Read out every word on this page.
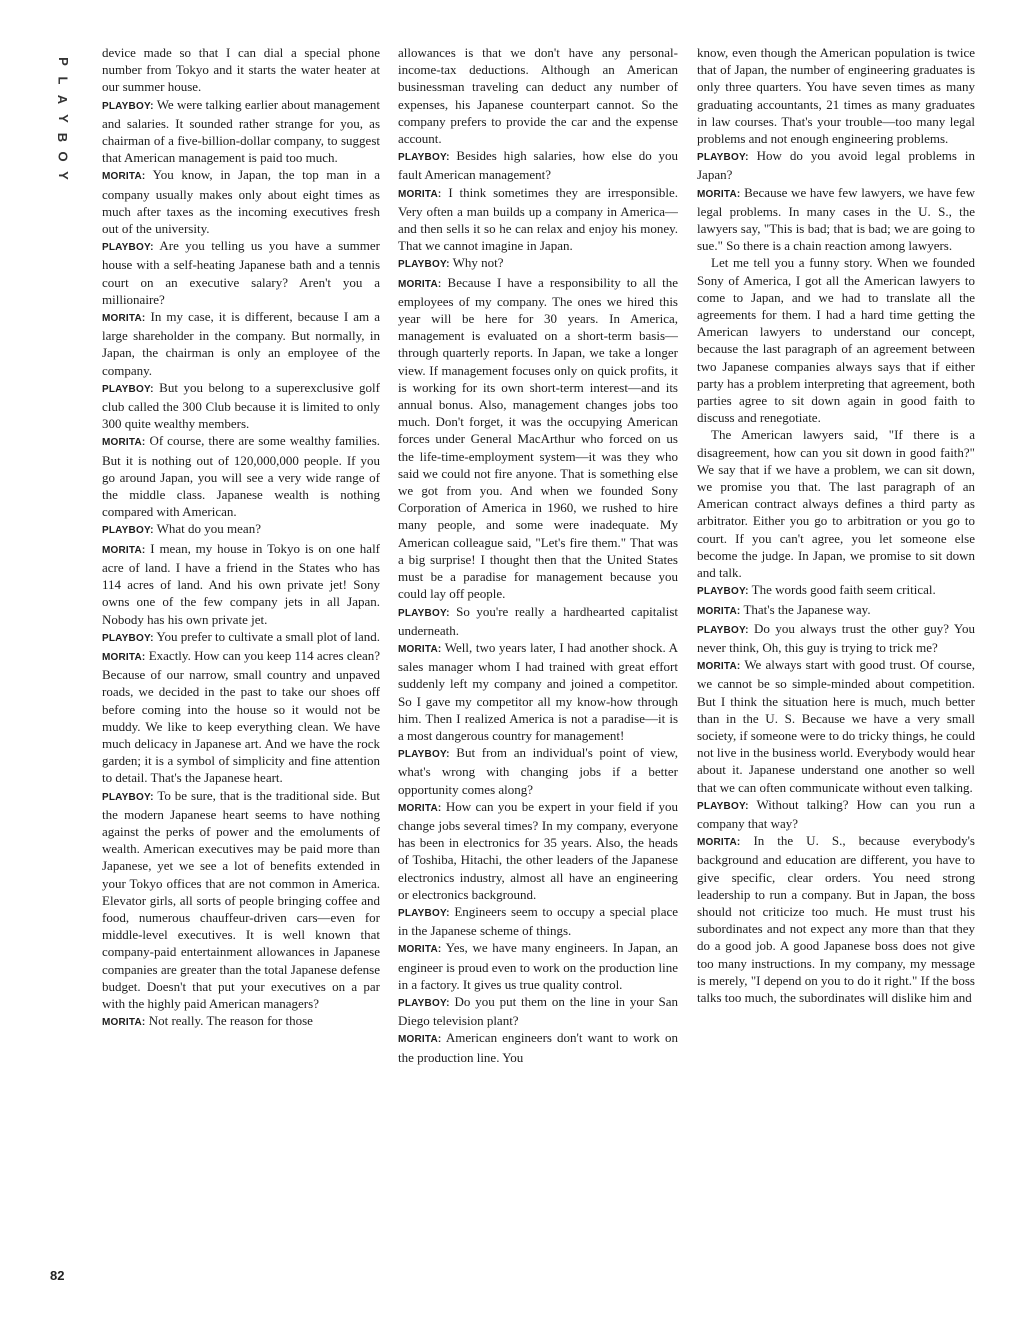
P
L
A
Y
B
O
Y

device made so that I can dial a special phone number from Tokyo and it starts the water heater at our summer house.

PLAYBOY: We were talking earlier about management and salaries. It sounded rather strange for you, as chairman of a five-billion-dollar company, to suggest that American management is paid too much.

MORITA: You know, in Japan, the top man in a company usually makes only about eight times as much after taxes as the incoming executives fresh out of the university.

PLAYBOY: Are you telling us you have a summer house with a self-heating Japanese bath and a tennis court on an executive salary? Aren't you a millionaire?

MORITA: In my case, it is different, because I am a large shareholder in the company. But normally, in Japan, the chairman is only an employee of the company.

PLAYBOY: But you belong to a superexclusive golf club called the 300 Club because it is limited to only 300 quite wealthy members.

MORITA: Of course, there are some wealthy families. But it is nothing out of 120,000,000 people. If you go around Japan, you will see a very wide range of the middle class. Japanese wealth is nothing compared with American.

PLAYBOY: What do you mean?

MORITA: I mean, my house in Tokyo is on one half acre of land. I have a friend in the States who has 114 acres of land. And his own private jet! Sony owns one of the few company jets in all Japan. Nobody has his own private jet.

PLAYBOY: You prefer to cultivate a small plot of land.

MORITA: Exactly. How can you keep 114 acres clean? Because of our narrow, small country and unpaved roads, we decided in the past to take our shoes off before coming into the house so it would not be muddy. We like to keep everything clean. We have much delicacy in Japanese art. And we have the rock garden; it is a symbol of simplicity and fine attention to detail. That's the Japanese heart.

PLAYBOY: To be sure, that is the traditional side. But the modern Japanese heart seems to have nothing against the perks of power and the emoluments of wealth. American executives may be paid more than Japanese, yet we see a lot of benefits extended in your Tokyo offices that are not common in America. Elevator girls, all sorts of people bringing coffee and food, numerous chauffeur-driven cars—even for middle-level executives. It is well known that company-paid entertainment allowances in Japanese companies are greater than the total Japanese defense budget. Doesn't that put your executives on a par with the highly paid American managers?

MORITA: Not really. The reason for those

allowances is that we don't have any personal-income-tax deductions. Although an American businessman traveling can deduct any number of expenses, his Japanese counterpart cannot. So the company prefers to provide the car and the expense account.

PLAYBOY: Besides high salaries, how else do you fault American management?

MORITA: I think sometimes they are irresponsible. Very often a man builds up a company in America—and then sells it so he can relax and enjoy his money. That we cannot imagine in Japan.

PLAYBOY: Why not?

MORITA: Because I have a responsibility to all the employees of my company. The ones we hired this year will be here for 30 years. In America, management is evaluated on a short-term basis—through quarterly reports. In Japan, we take a longer view. If management focuses only on quick profits, it is working for its own short-term interest—and its annual bonus. Also, management changes jobs too much. Don't forget, it was the occupying American forces under General MacArthur who forced on us the life-time-employment system—it was they who said we could not fire anyone. That is something else we got from you. And when we founded Sony Corporation of America in 1960, we rushed to hire many people, and some were inadequate. My American colleague said, "Let's fire them." That was a big surprise! I thought then that the United States must be a paradise for management because you could lay off people.

PLAYBOY: So you're really a hardhearted capitalist underneath.

MORITA: Well, two years later, I had another shock. A sales manager whom I had trained with great effort suddenly left my company and joined a competitor. So I gave my competitor all my know-how through him. Then I realized America is not a paradise—it is a most dangerous country for management!

PLAYBOY: But from an individual's point of view, what's wrong with changing jobs if a better opportunity comes along?

MORITA: How can you be expert in your field if you change jobs several times? In my company, everyone has been in electronics for 35 years. Also, the heads of Toshiba, Hitachi, the other leaders of the Japanese electronics industry, almost all have an engineering or electronics background.

PLAYBOY: Engineers seem to occupy a special place in the Japanese scheme of things.

MORITA: Yes, we have many engineers. In Japan, an engineer is proud even to work on the production line in a factory. It gives us true quality control.

PLAYBOY: Do you put them on the line in your San Diego television plant?

MORITA: American engineers don't want to work on the production line. You

know, even though the American population is twice that of Japan, the number of engineering graduates is only three quarters. You have seven times as many graduating accountants, 21 times as many graduates in law courses. That's your trouble—too many legal problems and not enough engineering problems.

PLAYBOY: How do you avoid legal problems in Japan?

MORITA: Because we have few lawyers, we have few legal problems. In many cases in the U. S., the lawyers say, "This is bad; that is bad; we are going to sue." So there is a chain reaction among lawyers.

Let me tell you a funny story. When we founded Sony of America, I got all the American lawyers to come to Japan, and we had to translate all the agreements for them. I had a hard time getting the American lawyers to understand our concept, because the last paragraph of an agreement between two Japanese companies always says that if either party has a problem interpreting that agreement, both parties agree to sit down again in good faith to discuss and renegotiate.

The American lawyers said, "If there is a disagreement, how can you sit down in good faith?" We say that if we have a problem, we can sit down, we promise you that. The last paragraph of an American contract always defines a third party as arbitrator. Either you go to arbitration or you go to court. If you can't agree, you let someone else become the judge. In Japan, we promise to sit down and talk.

PLAYBOY: The words good faith seem critical.

MORITA: That's the Japanese way.

PLAYBOY: Do you always trust the other guy? You never think, Oh, this guy is trying to trick me?

MORITA: We always start with good trust. Of course, we cannot be so simple-minded about competition. But I think the situation here is much, much better than in the U. S. Because we have a very small society, if someone were to do tricky things, he could not live in the business world. Everybody would hear about it. Japanese understand one another so well that we can often communicate without even talking.

PLAYBOY: Without talking? How can you run a company that way?

MORITA: In the U. S., because everybody's background and education are different, you have to give specific, clear orders. You need strong leadership to run a company. But in Japan, the boss should not criticize too much. He must trust his subordinates and not expect any more than that they do a good job. A good Japanese boss does not give too many instructions. In my company, my message is merely, "I depend on you to do it right." If the boss talks too much, the subordinates will dislike him and

82
